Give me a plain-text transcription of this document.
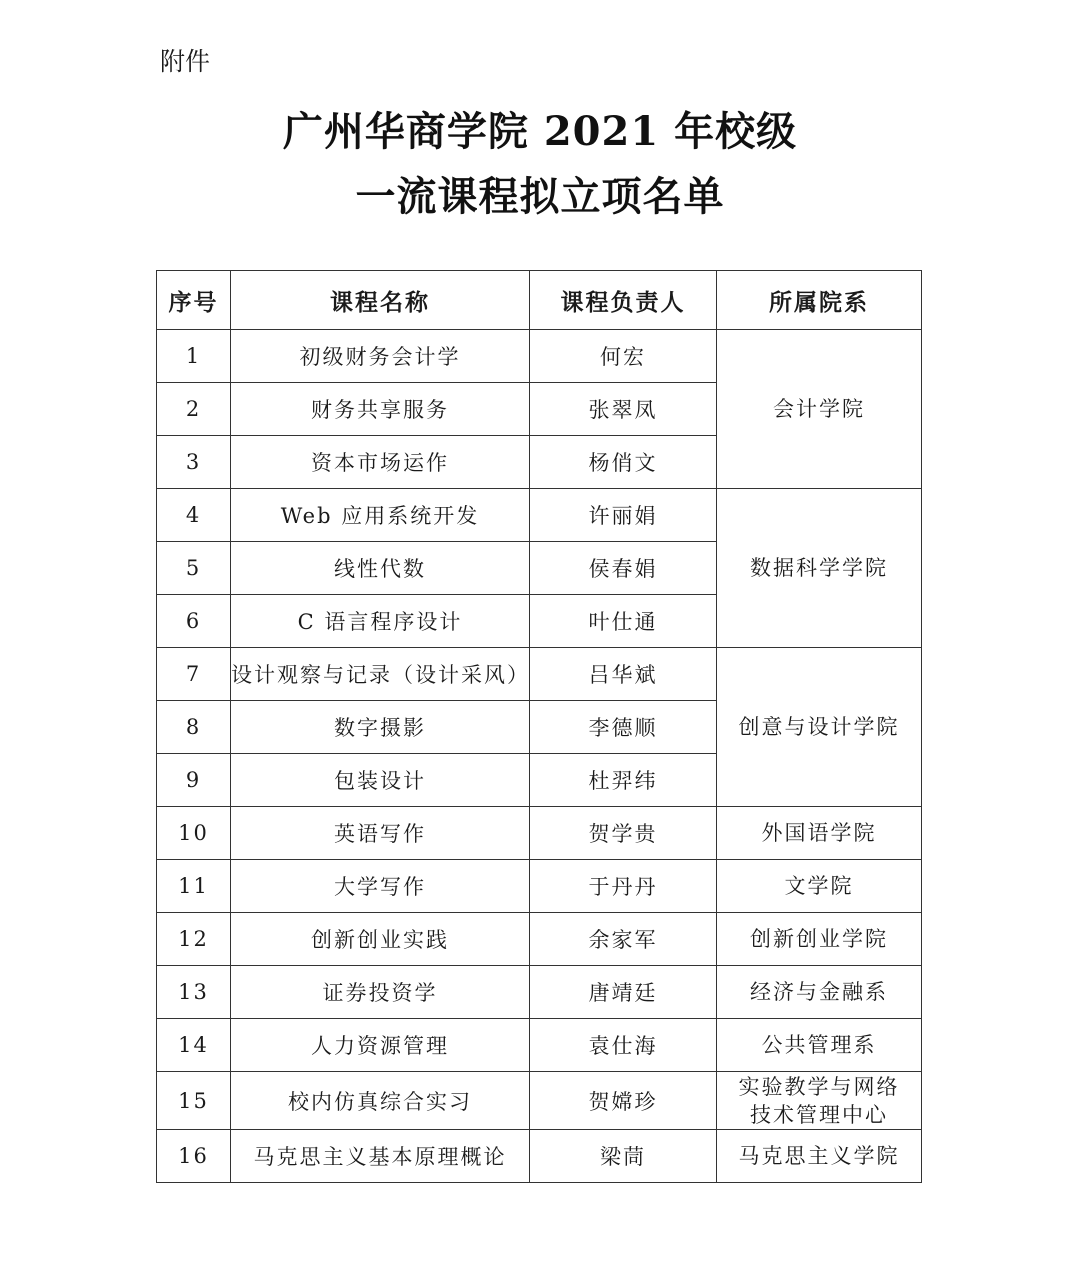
附件
广州华商学院 2021 年校级
一流课程拟立项名单
序号	课程名称	课程负责人	所属院系
1	初级财务会计学	何宏	会计学院
2	财务共享服务	张翠凤	
3	资本市场运作	杨俏文	
4	Web 应用系统开发	许丽娟	数据科学学院
5	线性代数	侯春娟	
6	C 语言程序设计	叶仕通	
7	设计观察与记录（设计采风）	吕华斌	创意与设计学院
8	数字摄影	李德顺	
9	包装设计	杜羿纬	
10	英语写作	贺学贵	外国语学院
11	大学写作	于丹丹	文学院
12	创新创业实践	余家军	创新创业学院
13	证券投资学	唐靖廷	经济与金融系
14	人力资源管理	袁仕海	公共管理系
15	校内仿真综合实习	贺嫦珍	实验教学与网络
技术管理中心

16	马克思主义基本原理概论	梁茼	马克思主义学院
